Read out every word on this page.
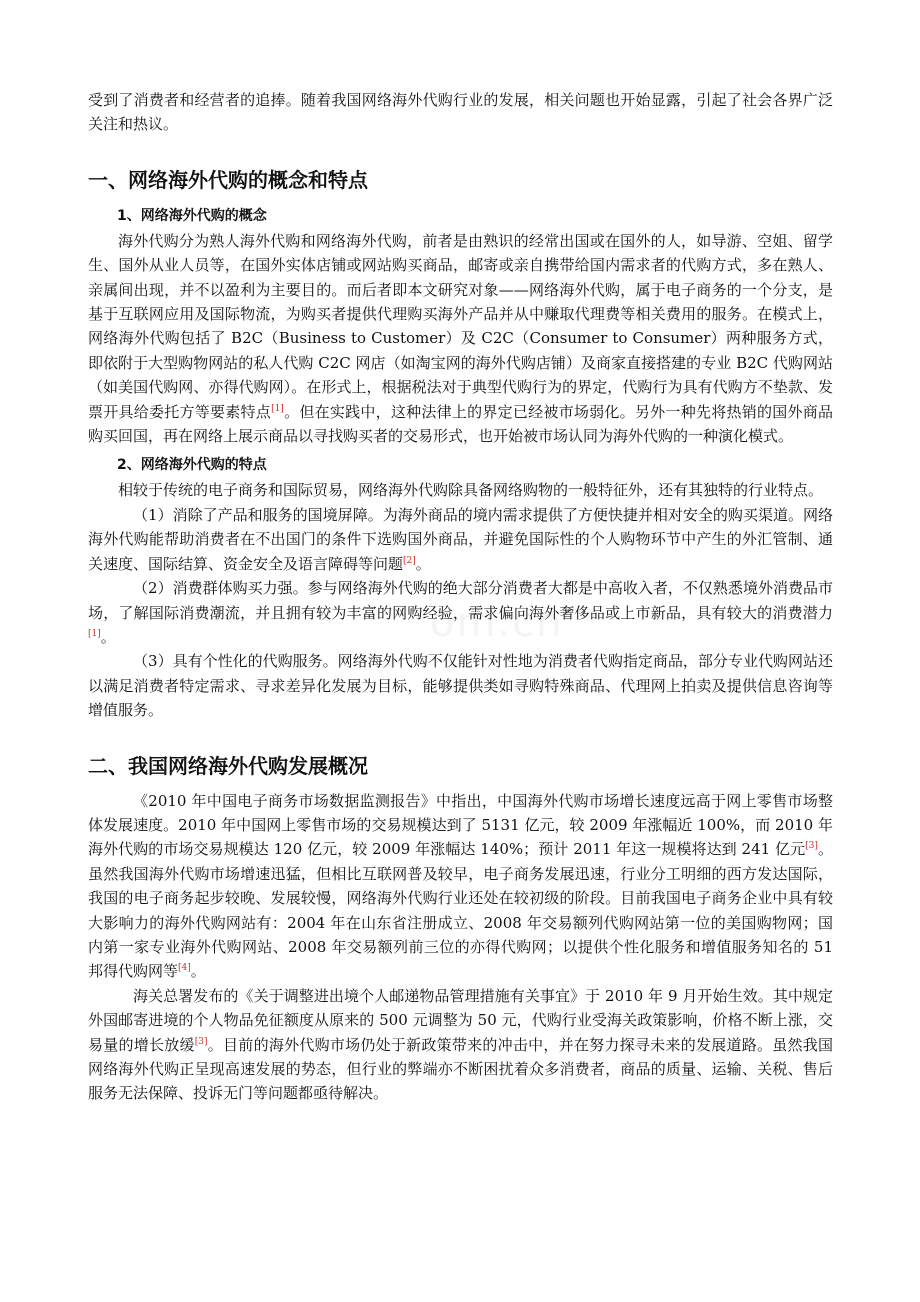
受到了消费者和经营者的追捧。随着我国网络海外代购行业的发展，相关问题也开始显露，引起了社会各界广泛关注和热议。

一、网络海外代购的概念和特点
1、网络海外代购的概念

海外代购分为熟人海外代购和网络海外代购，前者是由熟识的经常出国或在国外的人，如导游、空姐、留学生、国外从业人员等，在国外实体店铺或网站购买商品，邮寄或亲自携带给国内需求者的代购方式，多在熟人、亲属间出现，并不以盈利为主要目的。而后者即本文研究对象——网络海外代购，属于电子商务的一个分支，是基于互联网应用及国际物流，为购买者提供代理购买海外产品并从中赚取代理费等相关费用的服务。在模式上，网络海外代购包括了 B2C（Business to Customer）及 C2C（Consumer to Consumer）两种服务方式，即依附于大型购物网站的私人代购 C2C 网店（如淘宝网的海外代购店铺）及商家直接搭建的专业 B2C 代购网站（如美国代购网、亦得代购网）。在形式上，根据税法对于典型代购行为的界定，代购行为具有代购方不垫款、发票开具给委托方等要素特点[1]。但在实践中，这种法律上的界定已经被市场弱化。另外一种先将热销的国外商品购买回国，再在网络上展示商品以寻找购买者的交易形式，也开始被市场认同为海外代购的一种演化模式。

2、网络海外代购的特点

相较于传统的电子商务和国际贸易，网络海外代购除具备网络购物的一般特征外，还有其独特的行业特点。

（1）消除了产品和服务的国境屏障。为海外商品的境内需求提供了方便快捷并相对安全的购买渠道。网络海外代购能帮助消费者在不出国门的条件下选购国外商品，并避免国际性的个人购物环节中产生的外汇管制、通关速度、国际结算、资金安全及语言障碍等问题[2]。

（2）消费群体购买力强。参与网络海外代购的绝大部分消费者大都是中高收入者，不仅熟悉境外消费品市场，了解国际消费潮流，并且拥有较为丰富的网购经验，需求偏向海外奢侈品或上市新品，具有较大的消费潜力[1]。

（3）具有个性化的代购服务。网络海外代购不仅能针对性地为消费者代购指定商品，部分专业代购网站还以满足消费者特定需求、寻求差异化发展为目标，能够提供类如寻购特殊商品、代理网上拍卖及提供信息咨询等增值服务。

二、我国网络海外代购发展概况

《2010 年中国电子商务市场数据监测报告》中指出，中国海外代购市场增长速度远高于网上零售市场整体发展速度。2010 年中国网上零售市场的交易规模达到了 5131 亿元，较 2009 年涨幅近 100%，而 2010 年海外代购的市场交易规模达 120 亿元，较 2009 年涨幅达 140%；预计 2011 年这一规模将达到 241 亿元[3]。虽然我国海外代购市场增速迅猛，但相比互联网普及较早，电子商务发展迅速，行业分工明细的西方发达国际，我国的电子商务起步较晚、发展较慢，网络海外代购行业还处在较初级的阶段。目前我国电子商务企业中具有较大影响力的海外代购网站有：2004 年在山东省注册成立、2008 年交易额列代购网站第一位的美国购物网；国内第一家专业海外代购网站、2008 年交易额列前三位的亦得代购网；以提供个性化服务和增值服务知名的 51 邦得代购网等[4]。

海关总署发布的《关于调整进出境个人邮递物品管理措施有关事宜》于 2010 年 9 月开始生效。其中规定外国邮寄进境的个人物品免征额度从原来的 500 元调整为 50 元，代购行业受海关政策影响，价格不断上涨，交易量的增长放缓[3]。目前的海外代购市场仍处于新政策带来的冲击中，并在努力探寻未来的发展道路。虽然我国网络海外代购正呈现高速发展的势态，但行业的弊端亦不断困扰着众多消费者，商品的质量、运输、关税、售后服务无法保障、投诉无门等问题都亟待解决。
